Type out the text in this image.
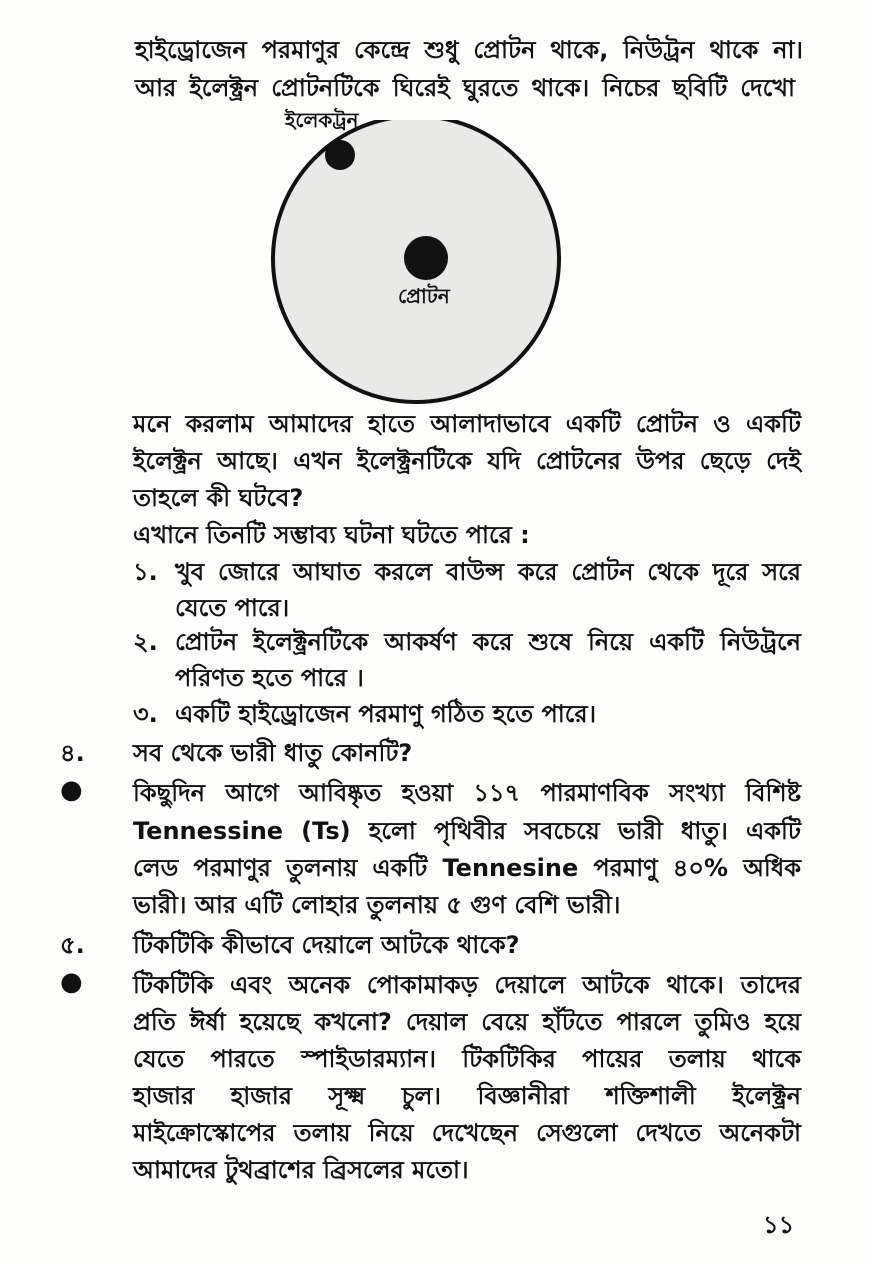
হাইড্রোজেন পরমাণুর কেন্দ্রে শুধু প্রোটন থাকে, নিউট্রন থাকে না।
আর ইলেক্ট্রন প্রোটনটিকে ঘিরেই ঘুরতে থাকে। নিচের ছবিটি দেখো
ইলেকট্রন
প্রোটন
মনে করলাম আমাদের হাতে আলাদাভাবে একটি প্রোটন ও একটি
ইলেক্ট্রন আছে। এখন ইলেক্ট্রনটিকে যদি প্রোটনের উপর ছেড়ে দেই
তাহলে কী ঘটবে?
এখানে তিনটি সম্ভাব্য ঘটনা ঘটতে পারে :
১. খুব জোরে আঘাত করলে বাউন্স করে প্রোটন থেকে দূরে সরে
যেতে পারে।
২. প্রোটন ইলেক্ট্রনটিকে আকর্ষণ করে শুষে নিয়ে একটি নিউট্রনে
পরিণত হতে পারে ।
৩. একটি হাইড্রোজেন পরমাণু গঠিত হতে পারে।
৪. সব থেকে ভারী ধাতু কোনটি?
● কিছুদিন আগে আবিষ্কৃত হওয়া ১১৭ পারমাণবিক সংখ্যা বিশিষ্ট
Tennessine (Ts) হলো পৃথিবীর সবচেয়ে ভারী ধাতু। একটি
লেড পরমাণুর তুলনায় একটি Tennesine পরমাণু ৪০% অধিক
ভারী। আর এটি লোহার তুলনায় ৫ গুণ বেশি ভারী।
৫. টিকটিকি কীভাবে দেয়ালে আটকে থাকে?
● টিকটিকি এবং অনেক পোকামাকড় দেয়ালে আটকে থাকে। তাদের
প্রতি ঈর্ষা হয়েছে কখনো? দেয়াল বেয়ে হাঁটতে পারলে তুমিও হয়ে
যেতে পারতে স্পাইডারম্যান। টিকটিকির পায়ের তলায় থাকে
হাজার হাজার সূক্ষ্ম চুল। বিজ্ঞানীরা শক্তিশালী ইলেক্ট্রন
মাইক্রোস্কোপের তলায় নিয়ে দেখেছেন সেগুলো দেখতে অনেকটা
আমাদের টুথব্রাশের ব্রিসলের মতো।
১১
